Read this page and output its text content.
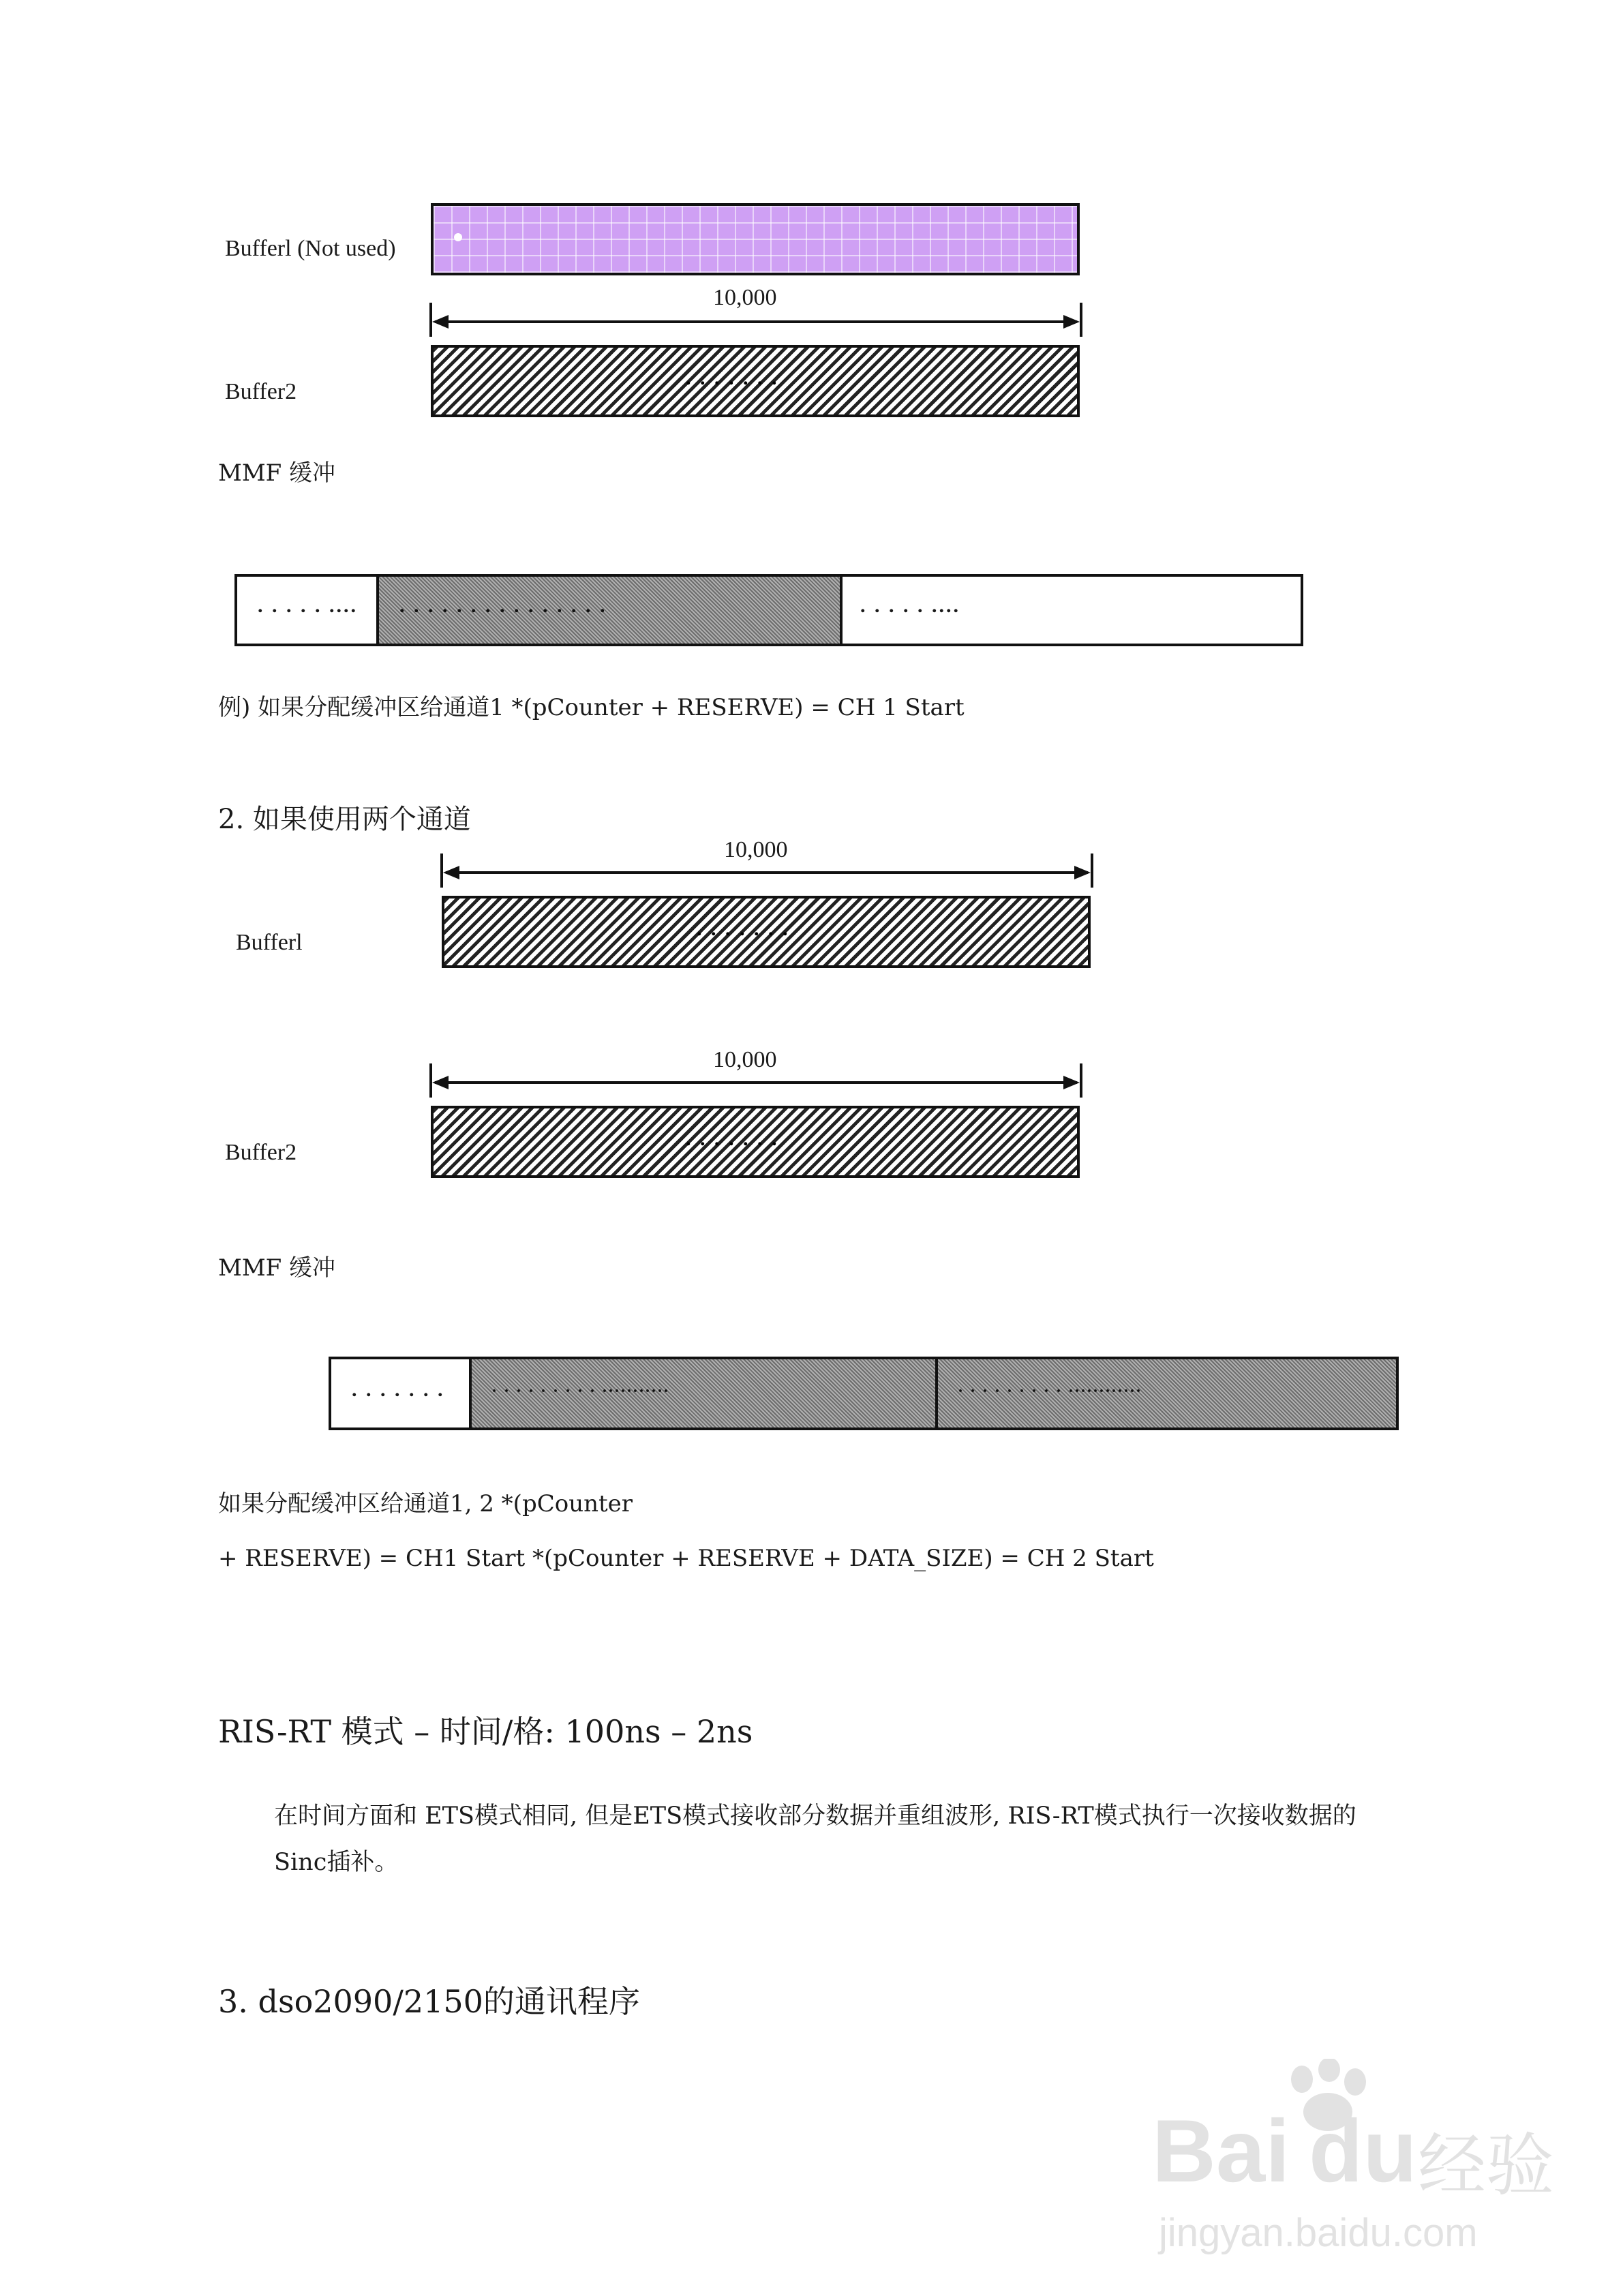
Bufferl (Not used)
10,000
Buffer2
. . . . . . .
MMF 缓冲
. . . . . .... . . . . . . . . . . . . . . .	. . . . . ....
例) 如果分配缓冲区给通道1 *(pCounter + RESERVE) = CH 1 Start
2. 如果使用两个通道
10,000
Bufferl
. . . . . . .
10,000
Buffer2
. . . . . . .
MMF 缓冲
. . . . . . .	. . . . . . . . . ...........	. . . . . . . . . ............
如果分配缓冲区给通道1, 2 *(pCounter
+ RESERVE) = CH1 Start *(pCounter + RESERVE + DATA_SIZE) = CH 2 Start
RIS-RT 模式 – 时间/格: 100ns – 2ns
在时间方面和 ETS模式相同, 但是ETS模式接收部分数据并重组波形, RIS-RT模式执行一次接收数据的
Sinc插补。
3. dso2090/2150的通讯程序
Bai du 经验
jingyan.baidu.com
